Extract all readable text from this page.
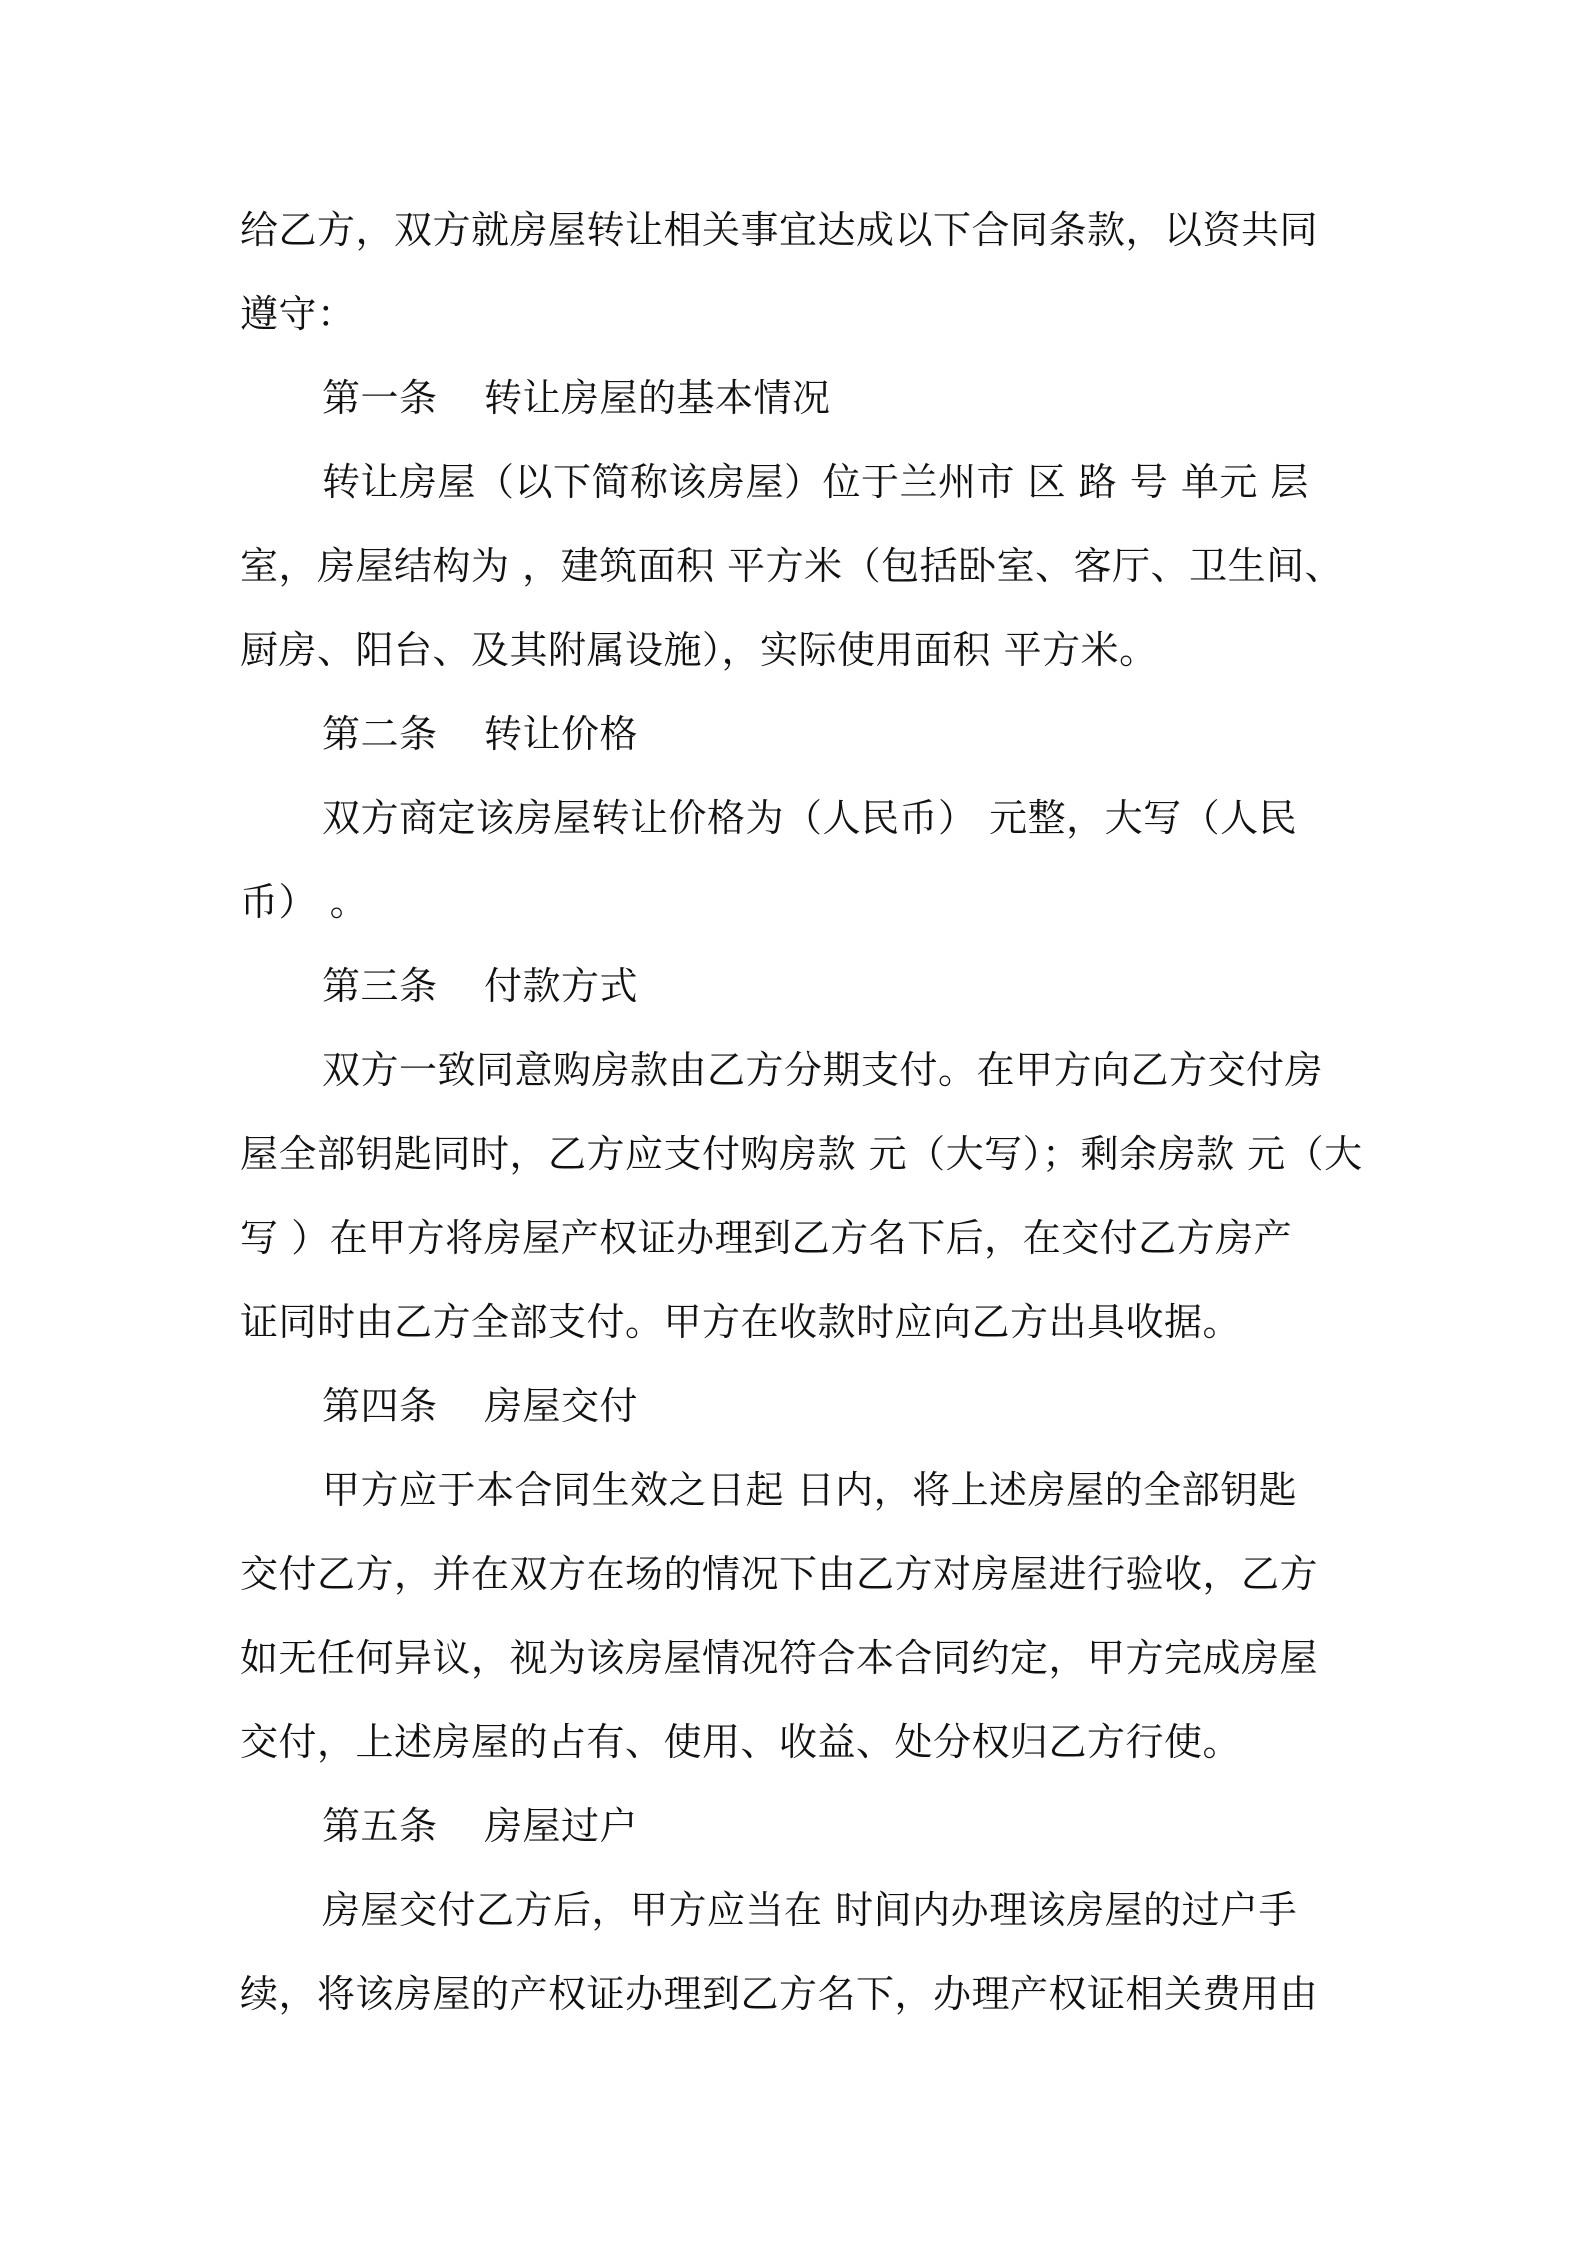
给乙方，双方就房屋转让相关事宜达成以下合同条款，以资共同
遵守：
第一条 转让房屋的基本情况
转让房屋（以下简称该房屋）位于兰州市 区 路 号 单元 层
室，房屋结构为 ，建筑面积 平方米（包括卧室、客厅、卫生间、
厨房、阳台、及其附属设施），实际使用面积 平方米。
第二条 转让价格
双方商定该房屋转让价格为（人民币） 元整，大写（人民
币） 。
第三条 付款方式
双方一致同意购房款由乙方分期支付。在甲方向乙方交付房
屋全部钥匙同时，乙方应支付购房款 元（大写）；剩余房款 元（大
写 ）在甲方将房屋产权证办理到乙方名下后，在交付乙方房产
证同时由乙方全部支付。甲方在收款时应向乙方出具收据。
第四条 房屋交付
甲方应于本合同生效之日起 日内，将上述房屋的全部钥匙
交付乙方，并在双方在场的情况下由乙方对房屋进行验收，乙方
如无任何异议，视为该房屋情况符合本合同约定，甲方完成房屋
交付，上述房屋的占有、使用、收益、处分权归乙方行使。
第五条 房屋过户
房屋交付乙方后，甲方应当在 时间内办理该房屋的过户手
续，将该房屋的产权证办理到乙方名下，办理产权证相关费用由
